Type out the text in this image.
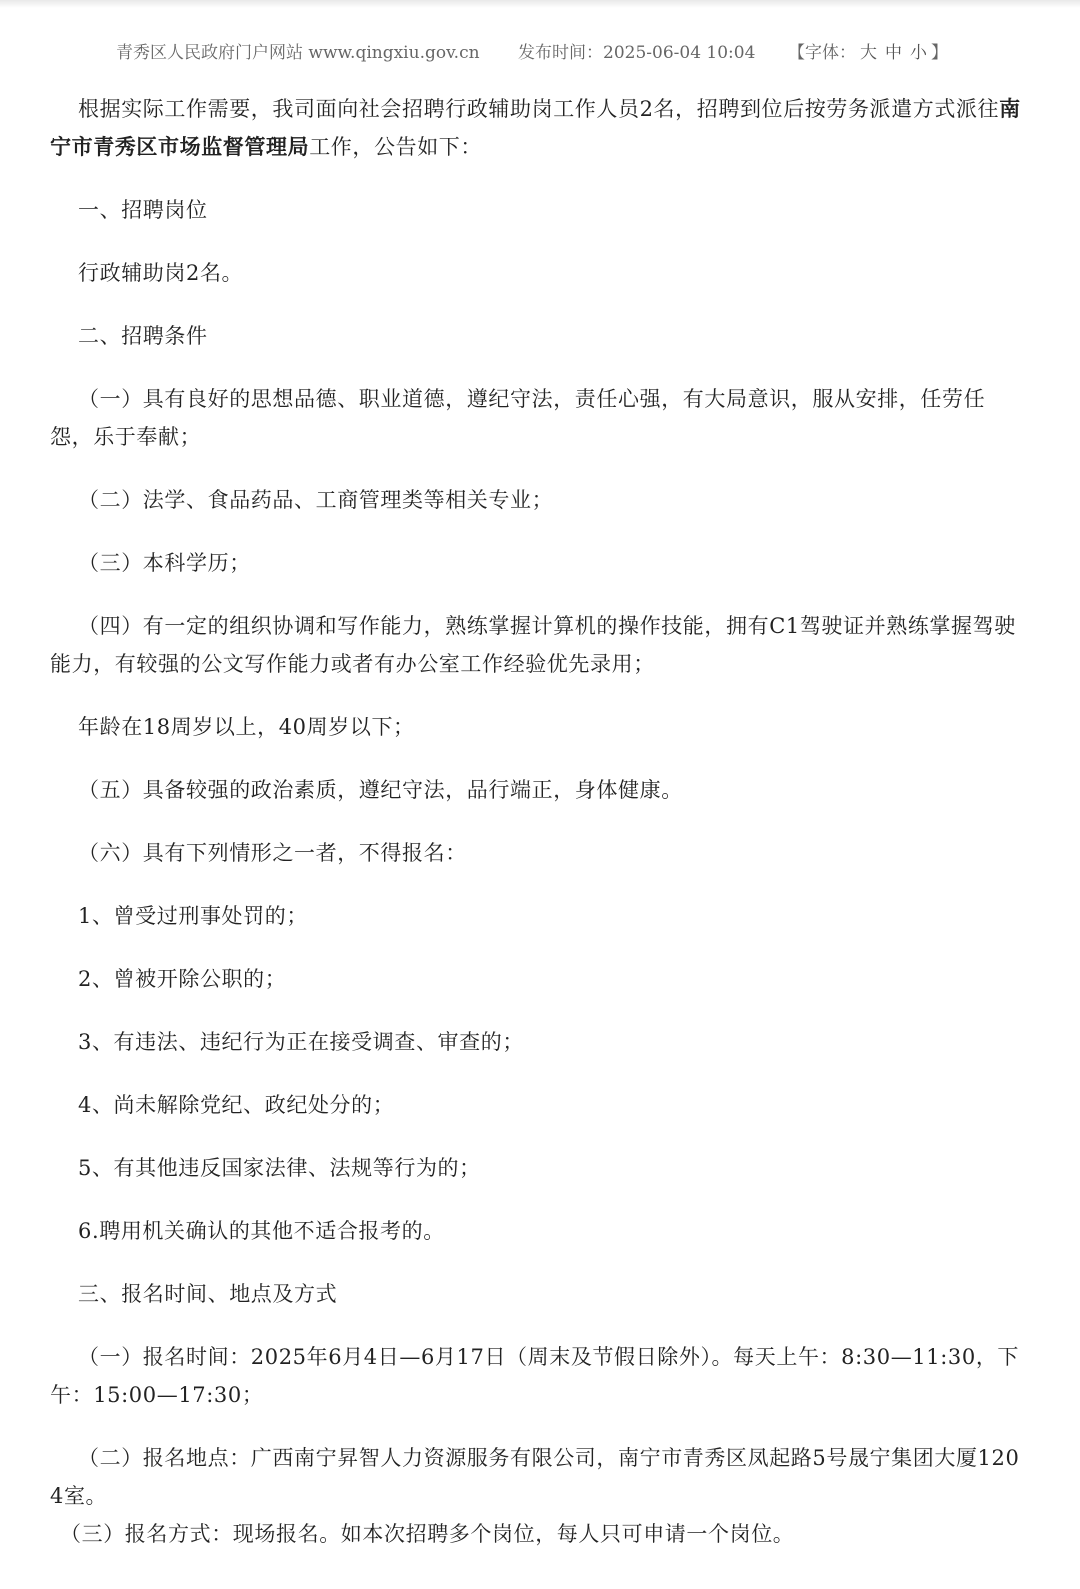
青秀区人民政府门户网站 www.qingxiu.gov.cn 发布时间：2025-06-04 10:04 【字体： 大 中 小 】

根据实际工作需要，我司面向社会招聘行政辅助岗工作人员2名，招聘到位后按劳务派遣方式派往南宁市青秀区市场监督管理局工作，公告如下：

一、招聘岗位

行政辅助岗2名。

二、招聘条件

（一）具有良好的思想品德、职业道德，遵纪守法，责任心强，有大局意识，服从安排，任劳任怨，乐于奉献；

（二）法学、食品药品、工商管理类等相关专业；

（三）本科学历；

（四）有一定的组织协调和写作能力，熟练掌握计算机的操作技能，拥有C1驾驶证并熟练掌握驾驶能力，有较强的公文写作能力或者有办公室工作经验优先录用；

年龄在18周岁以上，40周岁以下；

（五）具备较强的政治素质，遵纪守法，品行端正，身体健康。

（六）具有下列情形之一者，不得报名：

1、曾受过刑事处罚的；

2、曾被开除公职的；

3、有违法、违纪行为正在接受调查、审查的；

4、尚未解除党纪、政纪处分的；

5、有其他违反国家法律、法规等行为的；

6.聘用机关确认的其他不适合报考的。

三、报名时间、地点及方式

（一）报名时间：2025年6月4日—6月17日（周末及节假日除外）。每天上午：8:30—11:30，下午：15:00—17:30；

（二）报名地点：广西南宁昇智人力资源服务有限公司，南宁市青秀区凤起路5号晟宁集团大厦1204室。

（三）报名方式：现场报名。如本次招聘多个岗位，每人只可申请一个岗位。
